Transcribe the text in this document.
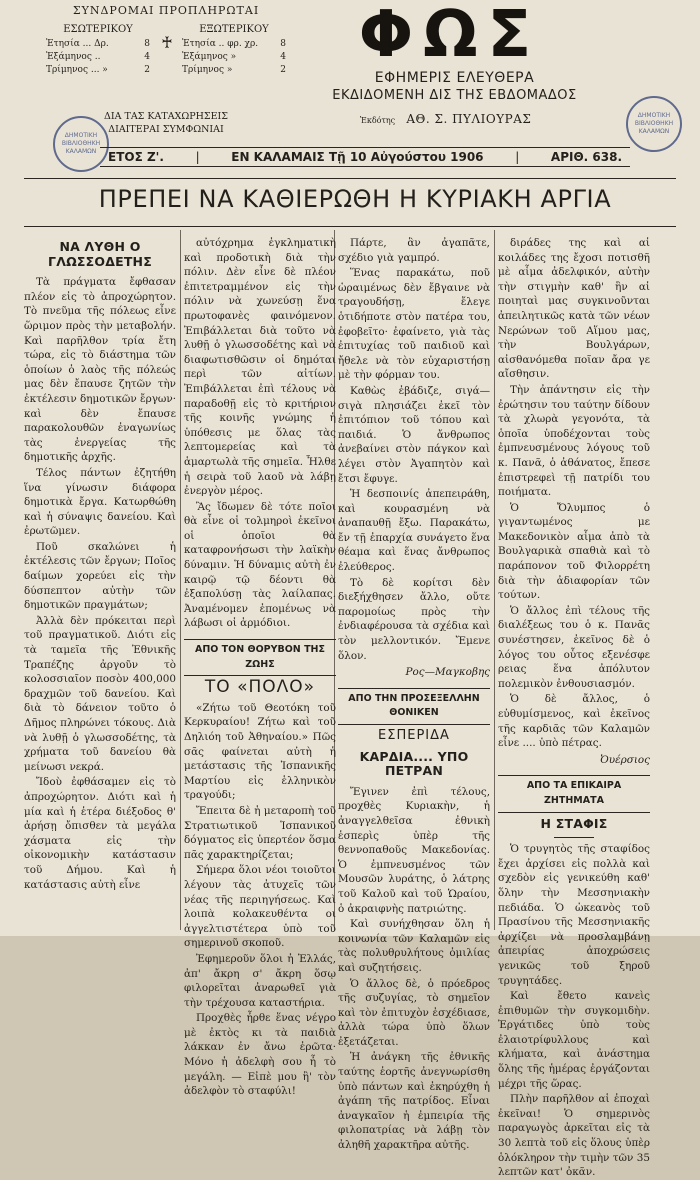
ΣΥΝΔΡΟΜΑΙ ΠΡΟΠΛΗΡΩΤΑΙ
ΕΣΩΤΕΡΙΚΟΥ
Ἐτησία ... Δρ.	8
Ἐξάμηνος ..	4
Τρίμηνος ... »	2
♰
ΕΞΩΤΕΡΙΚΟΥ
Ἐτησία .. φρ. χρ. 8
Ἑξάμηνος »	4
Τρίμηνος »	2
ΔΙΑ ΤΑΣ ΚΑΤΑΧΩΡΗΣΕΙΣ
ΔΙΑΙΤΕΡΑΙ ΣΥΜΦΩΝΙΑΙ
ΔΗΜΟΤΙΚΗ ΒΙΒΛΙΟΘΗΚΗ ΚΑΛΑΜΩΝ
ΔΗΜΟΤΙΚΗ ΒΙΒΛΙΟΘΗΚΗ ΚΑΛΑΜΩΝ
ΦΩΣ
ΕΦΗΜΕΡΙΣ ΕΛΕΥΘΕΡΑ
ΕΚΔΙΔΟΜΕΝΗ ΔΙΣ ΤΗΣ ΕΒΔΟΜΑΔΟΣ
Ἐκδότης ΑΘ. Σ. ΠΥΛΙΟΥΡΑΣ
ΕΤΟΣ Ζ'.	|	ΕΝ ΚΑΛΑΜΑΙΣ Τῇ 10 Αὐγούστου 1906	|	ΑΡΙΘ. 638.
ΠΡΕΠΕΙ ΝΑ ΚΑΘΙΕΡΩΘΗ Η ΚΥΡΙΑΚΗ ΑΡΓΙΑ
ΝΑ ΛΥΘΗ Ο ΓΛΩΣΣΟΔΕΤΗΣ

Τὰ πράγματα ἔφθασαν πλέον εἰς τὸ ἀπροχώρητον. Τὸ πνεῦμα τῆς πόλεως εἶνε ὥριμον πρὸς τὴν μεταβολήν. Καὶ παρῆλθον τρία ἔτη τώρα, εἰς τὸ διάστημα τῶν ὁποίων ὁ λαὸς τῆς πόλεώς μας δὲν ἔπαυσε ζητῶν τὴν ἐκτέλεσιν δημοτικῶν ἔργων· καὶ δὲν ἔπαυσε παρακολουθῶν ἐναγωνίως τὰς ἐνεργείας τῆς δημοτικῆς ἀρχῆς.

Τέλος πάντων ἐζητήθη ἵνα γίνωσιν διάφορα δημοτικὰ ἔργα. Κατωρθώθη καὶ ἡ σύναψις δανείου. Καὶ ἐρωτῶμεν.

Ποῦ σκαλώνει ἡ ἐκτέλεσις τῶν ἔργων; Ποῖος δαίμων χορεύει εἰς τὴν δύσπεπτον αὐτὴν τῶν δημοτικῶν πραγμάτων;

Ἀλλὰ δὲν πρόκειται περὶ τοῦ πραγματικοῦ. Διότι εἰς τὰ ταμεῖα τῆς Ἐθνικῆς Τραπέζης ἀργοῦν τὸ κολοσσιαῖον ποσὸν 400,000 δραχμῶν τοῦ δανείου. Καὶ διὰ τὸ δάνειον τοῦτο ὁ Δῆμος πληρώνει τόκους. Διὰ νὰ λυθῇ ὁ γλωσσοδέτης, τὰ χρήματα τοῦ δανείου θὰ μείνωσι νεκρά.

Ἴδοὺ ἐφθάσαμεν εἰς τὸ ἀπροχώρητον. Διότι καὶ ἡ μία καὶ ἡ ἑτέρα διέξοδος θ' ἀρήσῃ ὄπισθεν τὰ μεγάλα χάσματα εἰς τὴν οἰκονομικὴν κατάστασιν τοῦ Δήμου. Καὶ ἡ κατάστασις αὐτὴ εἶνε

αὐτόχρημα ἐγκληματικὴ καὶ προδοτικὴ διὰ τὴν πόλιν. Δὲν εἶνε δὲ πλέον ἐπιτετραμμένον εἰς τὴν πόλιν νὰ χωνεύσῃ ἕνα πρωτοφανὲς φαινόμενον. Ἐπιβάλλεται διὰ τοῦτο νὰ λυθῇ ὁ γλωσσοδέτης καὶ νὰ διαφωτισθῶσιν οἱ δημόται περὶ τῶν αἰτίων. Ἐπιβάλλεται ἐπὶ τέλους νὰ παραδοθῇ εἰς τὸ κριτήριον τῆς κοινῆς γνώμης ἡ ὑπόθεσις με ὅλας τὰς λεπτομερείας καὶ τὰ ἁμαρτωλὰ τῆς σημεῖα. Ἦλθε ἡ σειρὰ τοῦ λαοῦ νὰ λάβῃ ἐνεργὸν μέρος.

Ἂς ἴδωμεν δὲ τότε ποῖοι θὰ εἶνε οἱ τολμηροὶ ἐκεῖνοι οἱ ὁποῖοι θὰ καταφρονήσωσι τὴν λαϊκὴν δύναμιν. Ἡ δύναμις αὐτὴ ἐν καιρῷ τῷ δέοντι θὰ ἐξαπολύσῃ τὰς λαίλαπας. Ἀναμένομεν ἐπομένως νὰ λάβωσι οἱ ἁρμόδιοι.

ΑΠΟ ΤΟΝ ΘΟΡΥΒΟΝ ΤΗΣ ΖΩΗΣ
ΤΟ «ΠΟΛΟ»

«Ζήτω τοῦ Θεοτόκη τοῦ Κερκυραίου! Ζήτω καὶ τοῦ Δηλιόη τοῦ Ἀθηναίου.» Πῶς σᾶς φαίνεται αὐτὴ ἡ μετάστασις τῆς Ἱσπανικῆς Μαρτίου εἰς ἑλληνικὸν τραγούδι;

Ἔπειτα δὲ ἡ μεταροπὴ τοῦ Στρατιωτικοῦ Ἱσπανικοῦ δόγματος εἰς ὑπερτέον ὅσμα πᾶς χαρακτηρίζεται;

Σήμερα ὅλοι νέοι τοιοῦτοι λέγουν τὰς ἀτυχεῖς τῶν νέας τῆς περιηγήσεως. Καὶ λοιπὰ κολακευθέντα οι ἀγγελτιστέτερα ὑπὸ τοῦ σημερινοῦ σκοποῦ.

Ἐφημεροῦν ὅλοι ἡ Ἑλλάς, ἀπ' ἄκρη σ' ἄκρη ὅσῳ φιλορεῖται ἀναρωθεῖ γιὰ τὴν τρέχουσα καταστήρια.

Προχθὲς ἦρθε ἕνας νέγρο μὲ ἐκτὸς κι τὰ παιδιὰ λάκκαν ἐν ἄνω ἐρῶτα· Μόνο ἡ ἀδελφὴ σου ἦ τὸ μεγάλη. — Εἰπὲ μου ἢ' τὸν ἀδελφὸν τὸ σταφύλι!

Πάρτε, ἂν ἀγαπᾶτε, σχέδιο γιὰ γαμπρό.

Ἕνας παρακάτω, ποῦ ὡραιμένως δὲν ἔβγαινε νὰ τραγουδήσῃ, ἔλεγε ὁτιδήποτε στὸν πατέρα του, ἐφοβεῖτο· ἐφαίνετο, γιὰ τὰς ἐπιτυχίας τοῦ παιδιοῦ καὶ ἤθελε νὰ τὸν εὐχαριστήσῃ μὲ τὴν φόρμαν του.

Καθὼς ἐβάδιζε, σιγά—σιγὰ πλησιάζει ἐκεῖ τὸν ἐπιτόπιον τοῦ τόπου καὶ παιδιά. Ὁ ἄνθρωπος ἀνεβαίνει στὸν πάγκον καὶ λέγει στὸν Ἀγαπητὸν καὶ ἔτσι ἔφυγε.

Ἡ δεσποινίς ἀπεπειράθη, καὶ κουρασμένη νὰ ἀναπαυθῇ ἔξω. Παρακάτω, ἔν τῇ ἐπαρχία συνάγετο ἕνα θέαμα καὶ ἕνας ἄνθρωπος ἐλεύθερος.

Τὸ δὲ κορίτσι δὲν διεξήχθησεν ἄλλο, οὔτε παρομοίως πρὸς τὴν ἐνδιαφέρουσα τὰ σχέδια καὶ τὸν μελλοντικόν. Ἔμενε ὅλον.

Ρος—Μαγκοβης
ΑΠΟ ΤΗΝ ΠΡΟΣΕΞΕΛΛΗΝ ΘΟΝΙΚΕΝ
ΕΣΠΕΡΙΔΑ
ΚΑΡΔΙΑ.... ΥΠΟ ΠΕΤΡΑΝ

Ἔγινεν ἐπὶ τέλους, προχθὲς Κυριακὴν, ἡ ἀναγγελθεῖσα ἐθνικὴ ἑσπερὶς ὑπὲρ τῆς θεννοπαθοῦς Μακεδονίας. Ὁ ἐμπνευσμένος τῶν Μουσῶν λυράτης, ὁ λάτρης τοῦ Καλοῦ καὶ τοῦ Ὡραίου, ὁ ἀκραιφνὴς πατριώτης.

Καὶ συνήχθησαν ὅλη ἡ κοινωνία τῶν Καλαμῶν εἰς τὰς πολυθρυλήτους ὁμιλίας καὶ συζητήσεις.

Ὁ ἄλλος δὲ, ὁ πρόεδρος τῆς συζυγίας, τὸ σημεῖον καὶ τὸν ἐπιτυχὸν ἐσχέδιασε, ἀλλὰ τώρα ὑπὸ ὅλων ἐξετάζεται.

Ἡ ἀνάγκη τῆς ἐθνικῆς ταύτης ἑορτῆς ἀνεγνωρίσθη ὑπὸ πάντων καὶ ἐκηρύχθη ἡ ἀγάπη τῆς πατρίδος. Εἶναι ἀναγκαῖον ἡ ἐμπειρία τῆς φιλοπατρίας νὰ λάβῃ τὸν ἀληθῆ χαρακτῆρα αὐτῆς.

διράδες της καὶ αἱ κοιλάδες της ἔχοσι ποτισθῆ μὲ αἷμα ἀδελφικόν, αὐτὴν τὴν στιγμὴν καθ' ἣν αἱ ποιηταὶ μας συγκινοῦνται ἀπειλητικῶς κατὰ τῶν νέων Νερώνων τοῦ Αἵμου μας, τὴν Βουλγάρων, αἰσθανόμεθα ποῖαν ἄρα γε αἴσθησιν.

Τὴν ἀπάντησιν εἰς τὴν ἐρώτησιν του ταύτην δίδουν τὰ χλωρὰ γεγονότα, τὰ ὁποῖα ὑποδέχονται τοὺς ἐμπνευσμένους λόγους τοῦ κ. Πανᾶ, ὁ ἀθάνατος, ἔπεσε ἐπιστρεφεὶ τῇ πατρίδι του ποιήματα.

Ὁ Ὄλυμπος ὁ γιγαντωμένος με Μακεδονικὸν αἷμα ἀπὸ τὰ Βουλγαρικὰ σπαθιὰ καὶ τὸ παράπονον τοῦ Φιλορρέτη διὰ τὴν ἀδιαφορίαν τῶν τούτων.

Ὁ ἄλλος ἐπὶ τέλους τῆς διαλέξεως του ὁ κ. Πανᾶς συνέστησεν, ἐκεῖνος δὲ ὁ λόγος του οὗτος εξενέσφε ρειας ἕνα ἀπόλυτον πολεμικὸν ἐνθουσιασμόν.

Ὁ δὲ ἄλλος, ὁ εὐθυμίσμενος, καὶ ἐκεῖνος τῆς καρδιᾶς τῶν Καλαμῶν εἶνε .... ὑπὸ πέτρας.

Ὀυέρσιος
ΑΠΟ ΤΑ ΕΠΙΚΑΙΡΑ ΖΗΤΗΜΑΤΑ
Η ΣΤΑΦΙΣ

Ὁ τρυγητὸς τῆς σταφίδος ἔχει ἀρχίσει εἰς πολλὰ καὶ σχεδὸν εἰς γενικεύθη καθ' ὅλην τὴν Μεσσηνιακὴν πεδιάδα. Ὁ ὠκεανὸς τοῦ Πρασίνου τῆς Μεσσηνιακῆς ἀρχίζει νὰ προσλαμβάνῃ ἀπειρίας ἀποχρώσεις γενικῶς τοῦ ξηροῦ τρυγητάδες.

Καὶ ἔθετο κανεὶς ἐπιθυμῶν τὴν συγκομιδὴν. Ἐργάτιδες ὑπὸ τοὺς ἐλαιοτρίφυλλους καὶ κλήματα, καὶ ἀνάστημα ὅλης τῆς ἡμέρας ἐργάζονται μέχρι τῆς ὥρας.

Πλὴν παρῆλθον αἱ ἐποχαὶ ἐκεῖναι! Ὁ σημερινὸς παραγωγὸς ἀρκεῖται εἰς τὰ 30 λεπτὰ τοῦ εἰς ὅλους ὑπὲρ ὁλόκληρον τὴν τιμὴν τῶν 35 λεπτῶν κατ' ὀκᾶν.
